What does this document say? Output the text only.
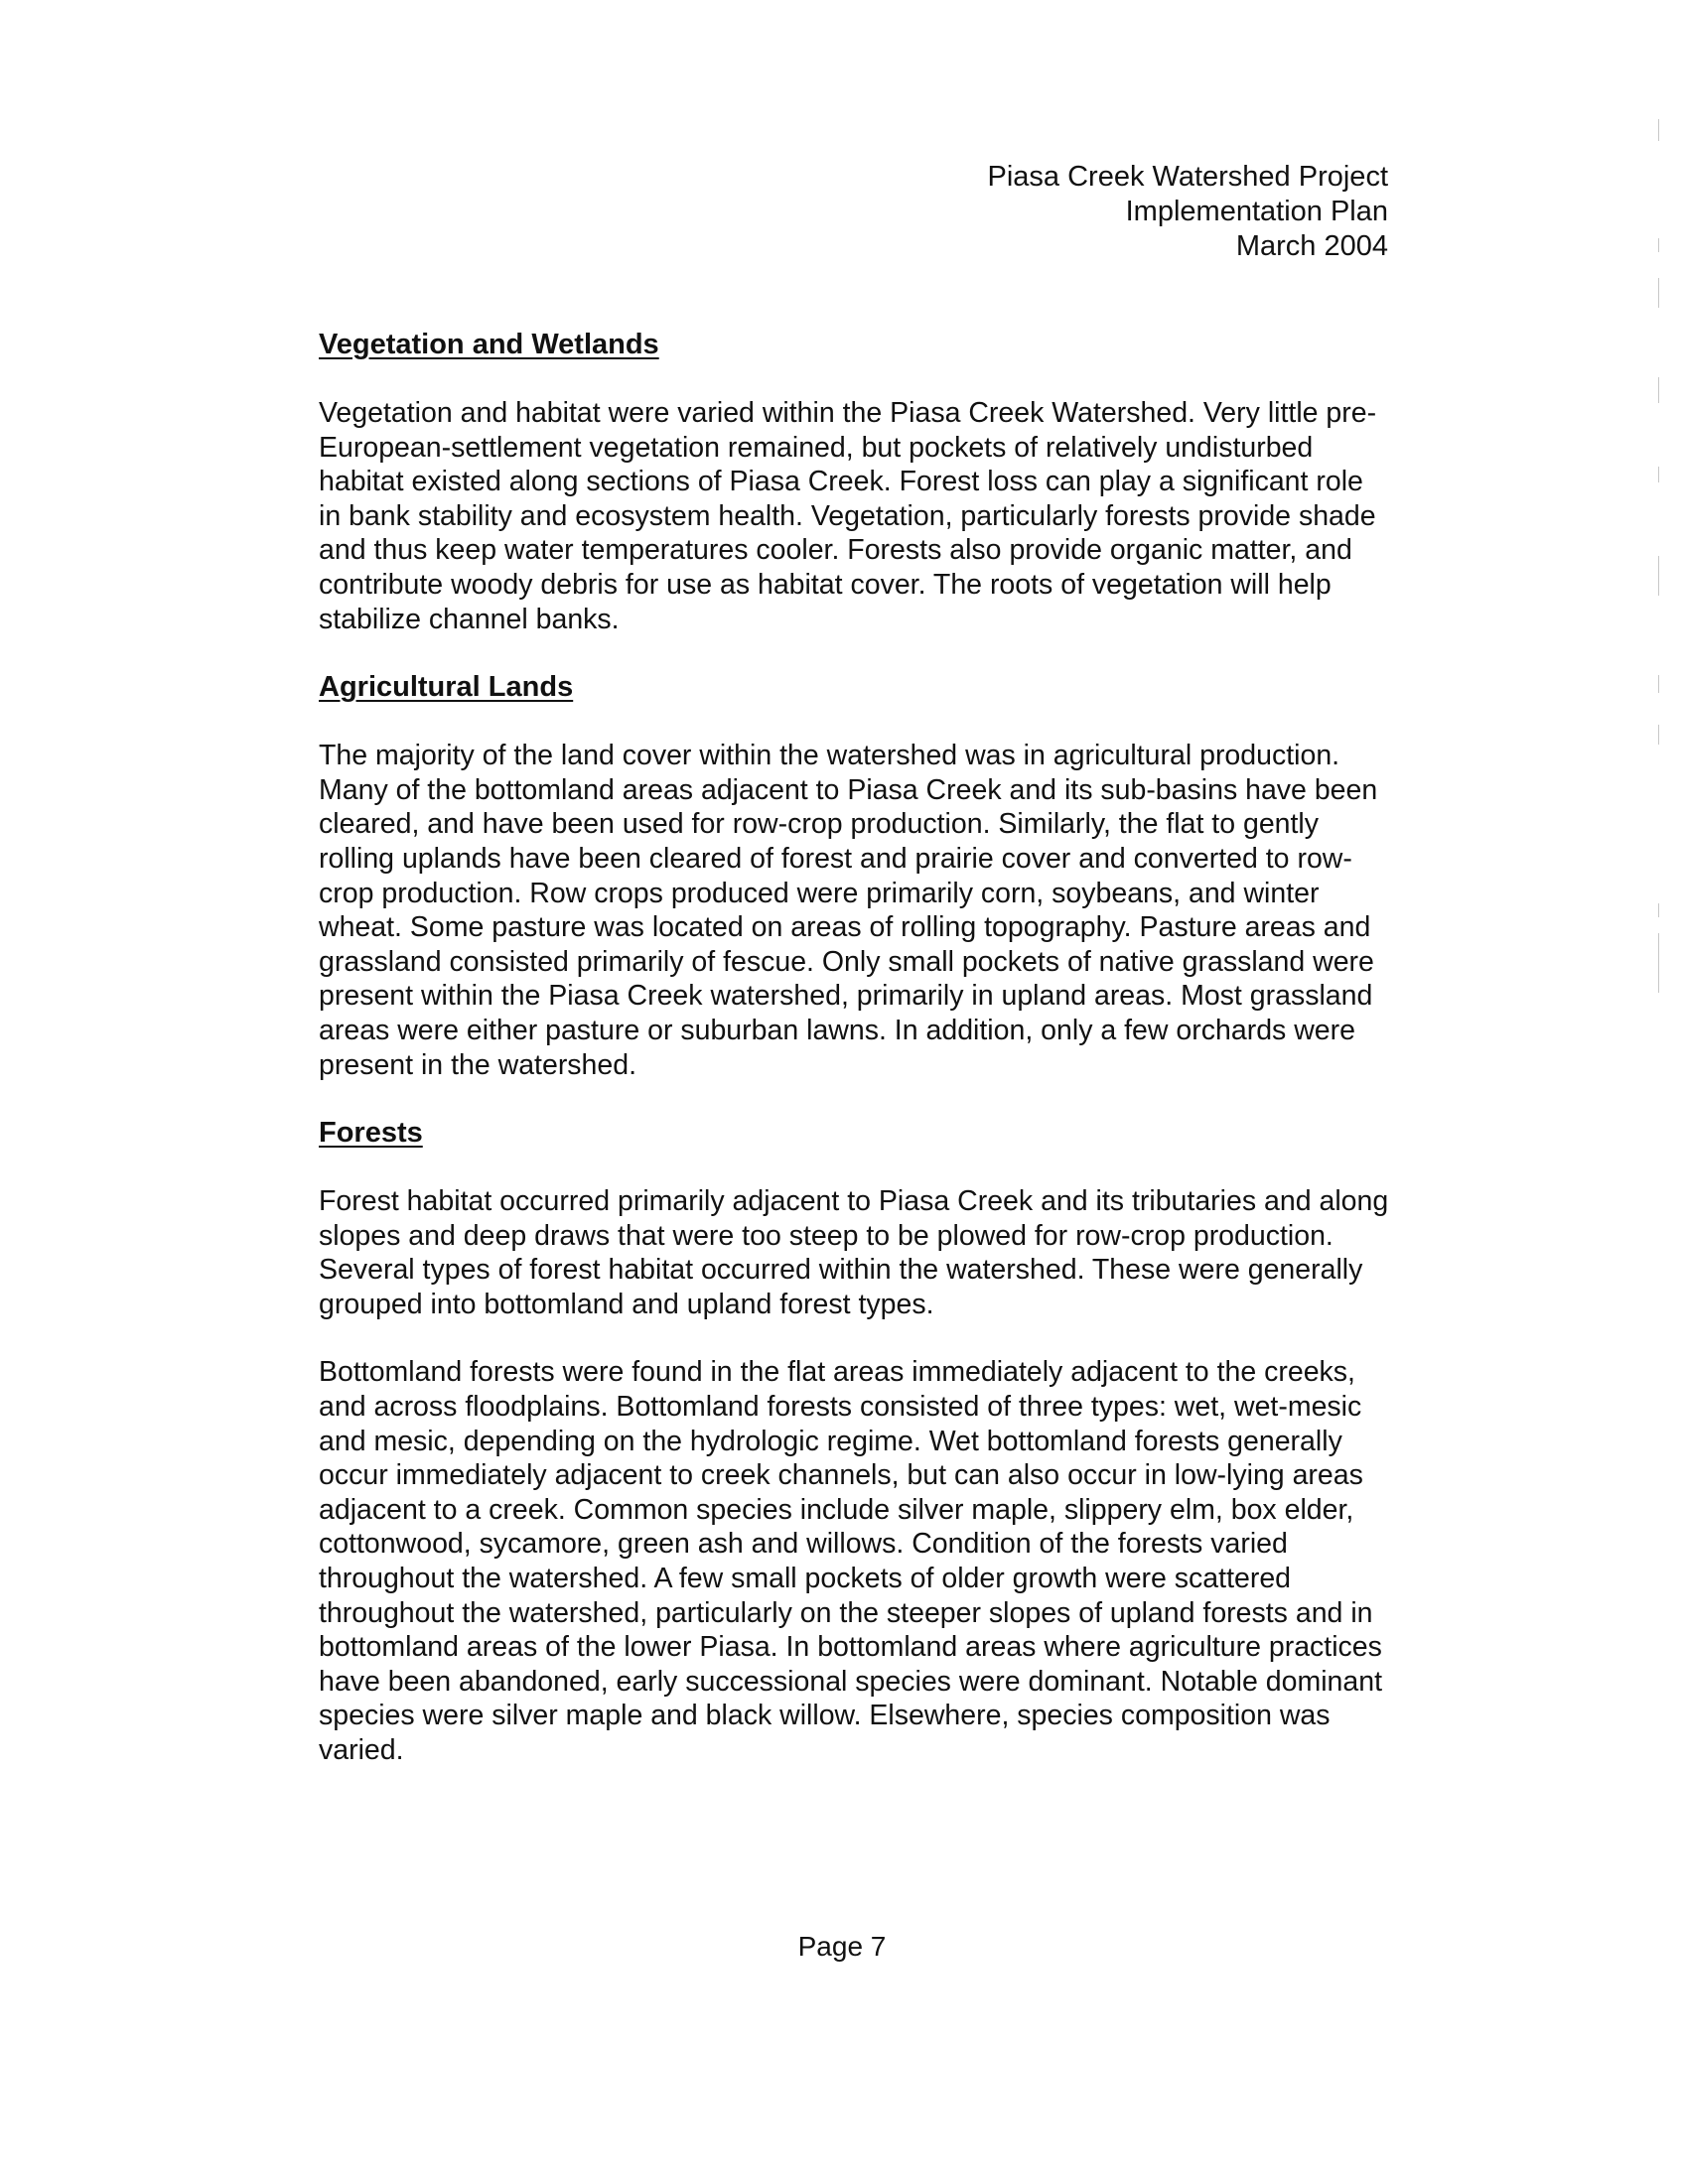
Piasa Creek Watershed Project
Implementation Plan
March 2004
Vegetation and Wetlands

Vegetation and habitat were varied within the Piasa Creek Watershed. Very little pre-European-settlement vegetation remained, but pockets of relatively undisturbed habitat existed along sections of Piasa Creek. Forest loss can play a significant role in bank stability and ecosystem health. Vegetation, particularly forests provide shade and thus keep water temperatures cooler. Forests also provide organic matter, and contribute woody debris for use as habitat cover. The roots of vegetation will help stabilize channel banks.

Agricultural Lands

The majority of the land cover within the watershed was in agricultural production. Many of the bottomland areas adjacent to Piasa Creek and its sub-basins have been cleared, and have been used for row-crop production. Similarly, the flat to gently rolling uplands have been cleared of forest and prairie cover and converted to row-crop production. Row crops produced were primarily corn, soybeans, and winter wheat. Some pasture was located on areas of rolling topography. Pasture areas and grassland consisted primarily of fescue. Only small pockets of native grassland were present within the Piasa Creek watershed, primarily in upland areas. Most grassland areas were either pasture or suburban lawns. In addition, only a few orchards were present in the watershed.

Forests

Forest habitat occurred primarily adjacent to Piasa Creek and its tributaries and along slopes and deep draws that were too steep to be plowed for row-crop production. Several types of forest habitat occurred within the watershed. These were generally grouped into bottomland and upland forest types.

Bottomland forests were found in the flat areas immediately adjacent to the creeks, and across floodplains. Bottomland forests consisted of three types: wet, wet-mesic and mesic, depending on the hydrologic regime. Wet bottomland forests generally occur immediately adjacent to creek channels, but can also occur in low-lying areas adjacent to a creek. Common species include silver maple, slippery elm, box elder, cottonwood, sycamore, green ash and willows. Condition of the forests varied throughout the watershed. A few small pockets of older growth were scattered throughout the watershed, particularly on the steeper slopes of upland forests and in bottomland areas of the lower Piasa. In bottomland areas where agriculture practices have been abandoned, early successional species were dominant. Notable dominant species were silver maple and black willow. Elsewhere, species composition was varied.

Page 7
